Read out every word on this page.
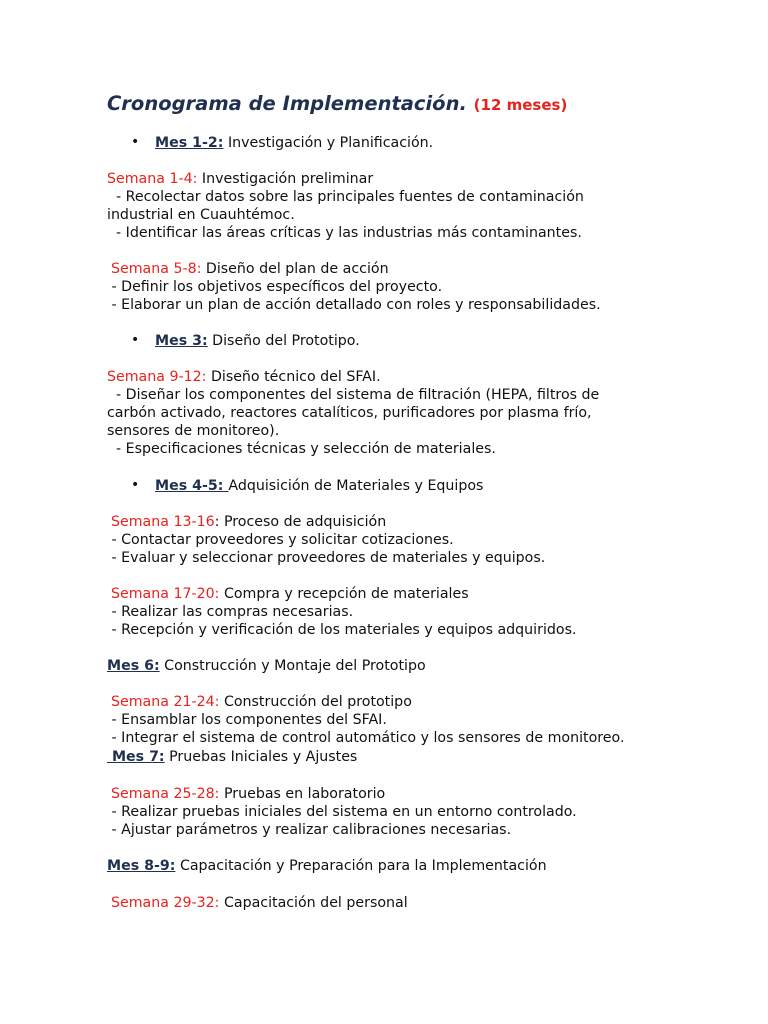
Cronograma de Implementación. (12 meses)
• Mes 1-2: Investigación y Planificación.
Semana 1-4: Investigación preliminar
- Recolectar datos sobre las principales fuentes de contaminación
industrial en Cuauhtémoc.
- Identificar las áreas críticas y las industrias más contaminantes.
Semana 5-8: Diseño del plan de acción
- Definir los objetivos específicos del proyecto.
- Elaborar un plan de acción detallado con roles y responsabilidades.
• Mes 3: Diseño del Prototipo.
Semana 9-12: Diseño técnico del SFAI.
- Diseñar los componentes del sistema de filtración (HEPA, filtros de
carbón activado, reactores catalíticos, purificadores por plasma frío,
sensores de monitoreo).
- Especificaciones técnicas y selección de materiales.
• Mes 4-5: Adquisición de Materiales y Equipos
Semana 13-16: Proceso de adquisición
- Contactar proveedores y solicitar cotizaciones.
- Evaluar y seleccionar proveedores de materiales y equipos.
Semana 17-20: Compra y recepción de materiales
- Realizar las compras necesarias.
- Recepción y verificación de los materiales y equipos adquiridos.
Mes 6: Construcción y Montaje del Prototipo
Semana 21-24: Construcción del prototipo
- Ensamblar los componentes del SFAI.
- Integrar el sistema de control automático y los sensores de monitoreo.
Mes 7: Pruebas Iniciales y Ajustes
Semana 25-28: Pruebas en laboratorio
- Realizar pruebas iniciales del sistema en un entorno controlado.
- Ajustar parámetros y realizar calibraciones necesarias.
Mes 8-9: Capacitación y Preparación para la Implementación
Semana 29-32: Capacitación del personal
